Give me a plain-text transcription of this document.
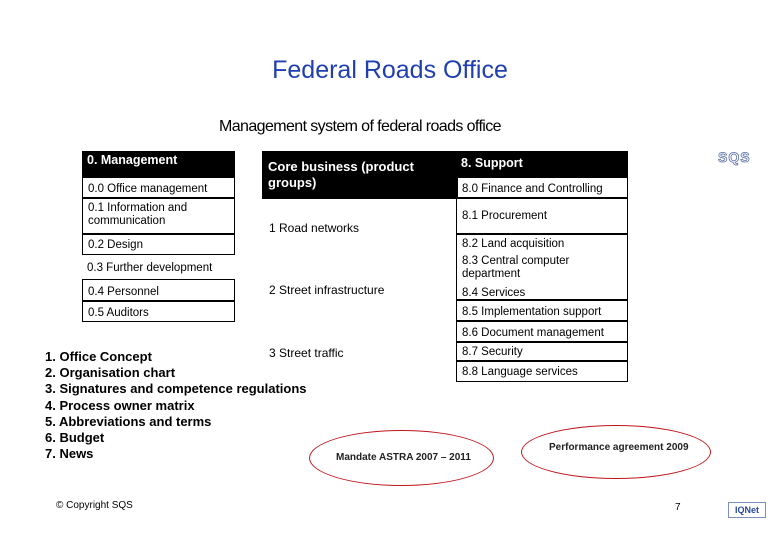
Federal Roads Office
Management system of federal roads office
0. Management
0.0 Office management
0.1 Information and communication
0.2 Design
0.3 Further development
0.4 Personnel
0.5 Auditors
Core business (product groups)
1 Road networks
2 Street infrastructure
3 Street traffic
8. Support
8.0 Finance and Controlling
8.1 Procurement
8.2 Land acquisition
8.3 Central computer department
8.4 Services
8.5 Implementation support
8.6 Document management
8.7 Security
8.8 Language services
1. Office Concept
2. Organisation chart
3. Signatures and competence regulations
4. Process owner matrix
5. Abbreviations and terms
6. Budget
7. News	Mandate ASTRA 2007 – 2011
Performance agreement 2009
© Copyright SQS	7
SQS
IQNet
